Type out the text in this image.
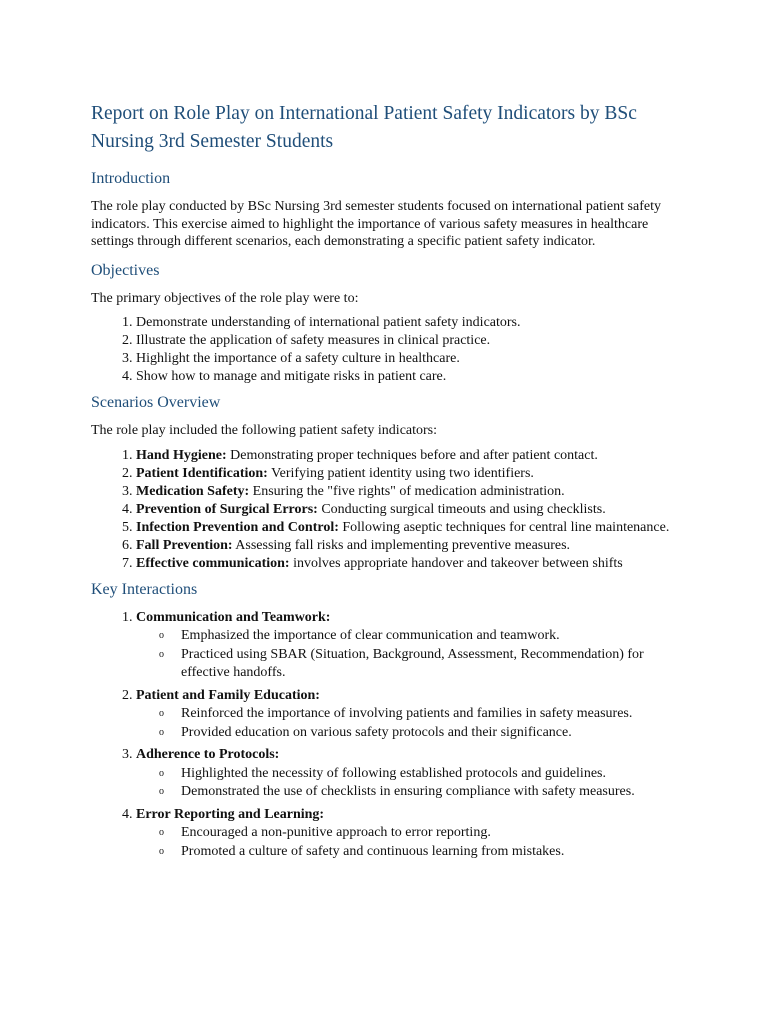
Report on Role Play on International Patient Safety Indicators by BSc Nursing 3rd Semester Students
Introduction

The role play conducted by BSc Nursing 3rd semester students focused on international patient safety indicators. This exercise aimed to highlight the importance of various safety measures in healthcare settings through different scenarios, each demonstrating a specific patient safety indicator.

Objectives

The primary objectives of the role play were to:

1. Demonstrate understanding of international patient safety indicators.
2. Illustrate the application of safety measures in clinical practice.
3. Highlight the importance of a safety culture in healthcare.
4. Show how to manage and mitigate risks in patient care.
Scenarios Overview

The role play included the following patient safety indicators:

1. Hand Hygiene: Demonstrating proper techniques before and after patient contact.
2. Patient Identification: Verifying patient identity using two identifiers.
3. Medication Safety: Ensuring the "five rights" of medication administration.
4. Prevention of Surgical Errors: Conducting surgical timeouts and using checklists.
5. Infection Prevention and Control: Following aseptic techniques for central line maintenance.
6. Fall Prevention: Assessing fall risks and implementing preventive measures.
7. Effective communication: involves appropriate handover and takeover between shifts
Key Interactions
1. Communication and Teamwork:
o Emphasized the importance of clear communication and teamwork.
o Practiced using SBAR (Situation, Background, Assessment, Recommendation) for effective handoffs.
2. Patient and Family Education:
o Reinforced the importance of involving patients and families in safety measures.
o Provided education on various safety protocols and their significance.
3. Adherence to Protocols:
o Highlighted the necessity of following established protocols and guidelines.
o Demonstrated the use of checklists in ensuring compliance with safety measures.
4. Error Reporting and Learning:
o Encouraged a non-punitive approach to error reporting.
o Promoted a culture of safety and continuous learning from mistakes.
